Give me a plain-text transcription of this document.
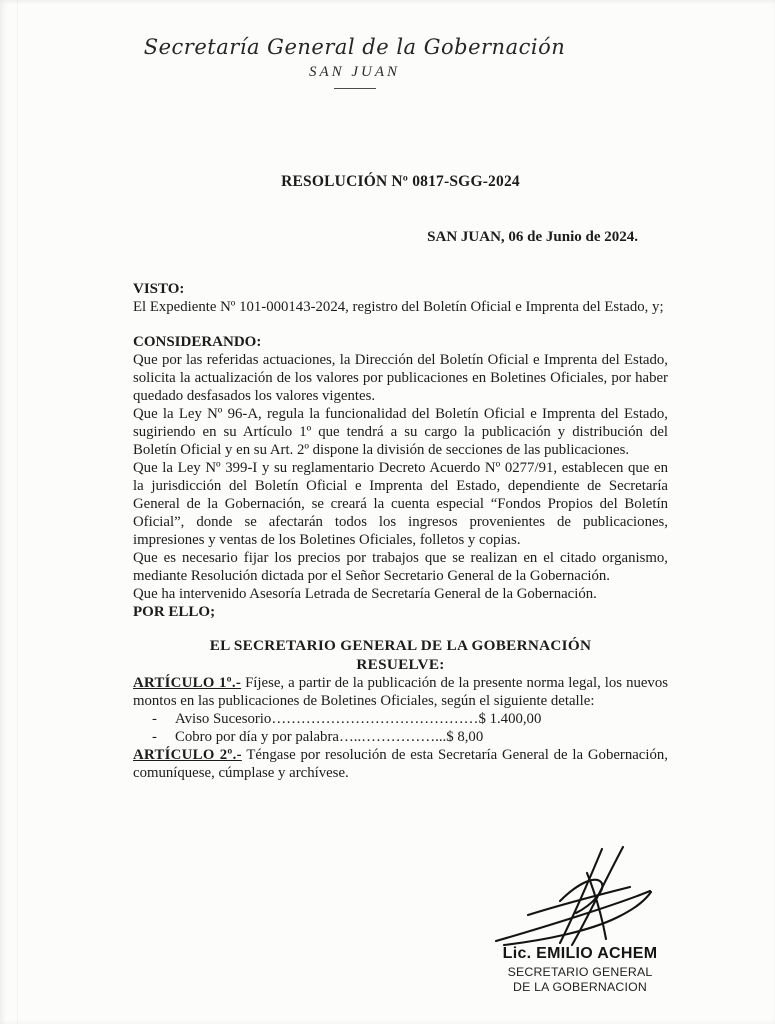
Secretaría General de la Gobernación
SAN JUAN
RESOLUCIÓN Nº 0817-SGG-2024
SAN JUAN, 06 de Junio de 2024.
VISTO:

El Expediente Nº 101-000143-2024, registro del Boletín Oficial e Imprenta del Estado, y;

CONSIDERANDO:

Que por las referidas actuaciones, la Dirección del Boletín Oficial e Imprenta del Estado, solicita la actualización de los valores por publicaciones en Boletines Oficiales, por haber quedado desfasados los valores vigentes.

Que la Ley Nº 96-A, regula la funcionalidad del Boletín Oficial e Imprenta del Estado, sugiriendo en su Artículo 1º que tendrá a su cargo la publicación y distribución del Boletín Oficial y en su Art. 2º dispone la división de secciones de las publicaciones.

Que la Ley Nº 399-I y su reglamentario Decreto Acuerdo Nº 0277/91, establecen que en la jurisdicción del Boletín Oficial e Imprenta del Estado, dependiente de Secretaría General de la Gobernación, se creará la cuenta especial “Fondos Propios del Boletín Oficial”, donde se afectarán todos los ingresos provenientes de publicaciones, impresiones y ventas de los Boletines Oficiales, folletos y copias.

Que es necesario fijar los precios por trabajos que se realizan en el citado organismo, mediante Resolución dictada por el Señor Secretario General de la Gobernación.

Que ha intervenido Asesoría Letrada de Secretaría General de la Gobernación.

POR ELLO;
EL SECRETARIO GENERAL DE LA GOBERNACIÓN
RESUELVE:

ARTÍCULO 1º.- Fíjese, a partir de la publicación de la presente norma legal, los nuevos montos en las publicaciones de Boletines Oficiales, según el siguiente detalle:

-	Aviso Sucesorio……………………………………$ 1.400,00
-	Cobro por día y por palabra…..……………...$ 8,00

ARTÍCULO 2º.- Téngase por resolución de esta Secretaría General de la Gobernación, comuníquese, cúmplase y archívese.

Lic. EMILIO ACHEM
SECRETARIO GENERAL
DE LA GOBERNACION
